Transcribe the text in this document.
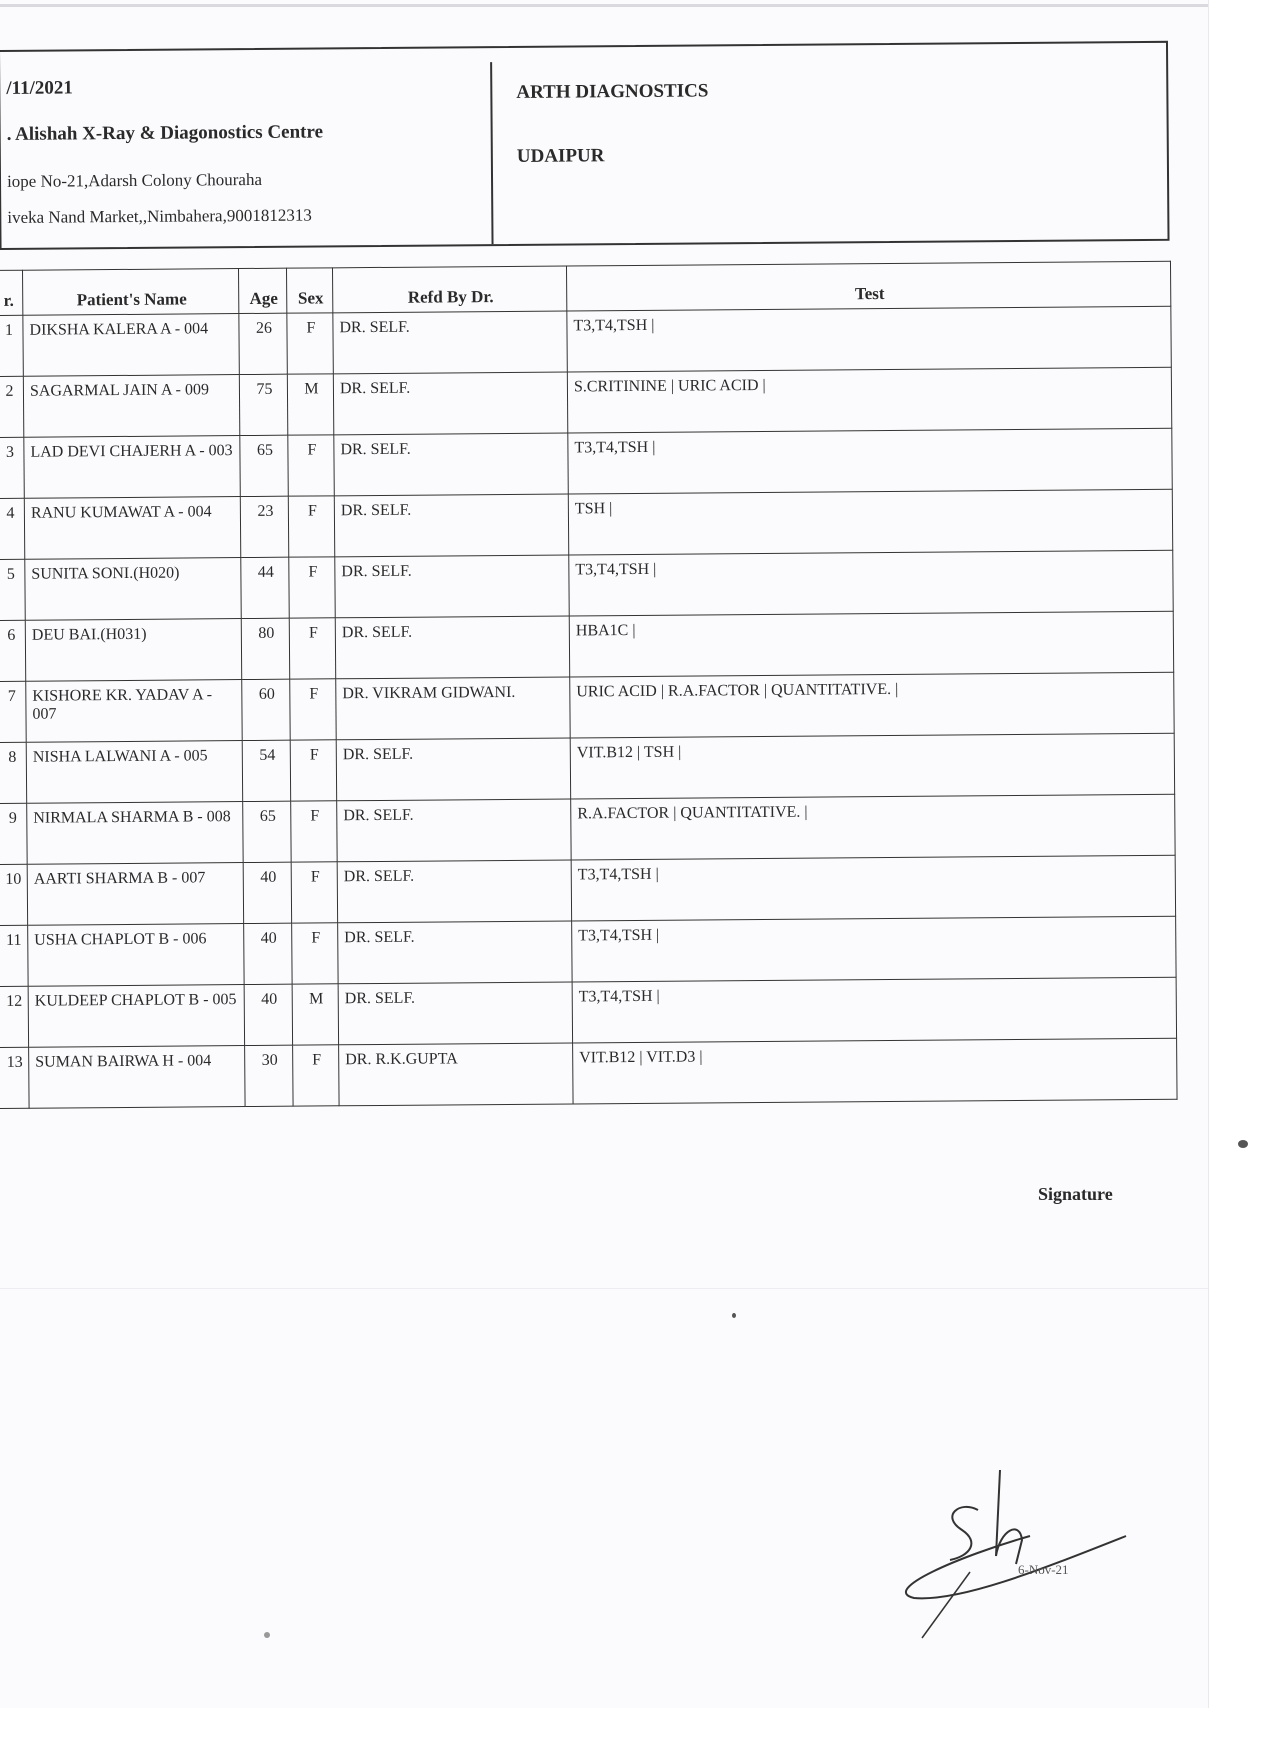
/11/2021
. Alishah X-Ray & Diagonostics Centre
iope No-21,Adarsh Colony Chouraha
iveka Nand Market,,Nimbahera,9001812313
ARTH DIAGNOSTICS
UDAIPUR
r.	Patient's Name	Age	Sex	Refd By Dr.	Test
1	DIKSHA KALERA A - 004	26	F	DR. SELF.	T3,T4,TSH |
2	SAGARMAL JAIN A - 009	75	M	DR. SELF.	S.CRITININE | URIC ACID |
3	LAD DEVI CHAJERH A - 003	65	F	DR. SELF.	T3,T4,TSH |
4	RANU KUMAWAT A - 004	23	F	DR. SELF.	TSH |
5	SUNITA SONI.(H020)	44	F	DR. SELF.	T3,T4,TSH |
6	DEU BAI.(H031)	80	F	DR. SELF.	HBA1C |
7	KISHORE KR. YADAV A - 007	60	F	DR. VIKRAM GIDWANI.	URIC ACID | R.A.FACTOR | QUANTITATIVE. |
8	NISHA LALWANI A - 005	54	F	DR. SELF.	VIT.B12 | TSH |
9	NIRMALA SHARMA B - 008	65	F	DR. SELF.	R.A.FACTOR | QUANTITATIVE. |
10	AARTI SHARMA B - 007	40	F	DR. SELF.	T3,T4,TSH |
11	USHA CHAPLOT B - 006	40	F	DR. SELF.	T3,T4,TSH |
12	KULDEEP CHAPLOT B - 005	40	M	DR. SELF.	T3,T4,TSH |
13	SUMAN BAIRWA H - 004	30	F	DR. R.K.GUPTA	VIT.B12 | VIT.D3 |
Signature
6-Nov-21
